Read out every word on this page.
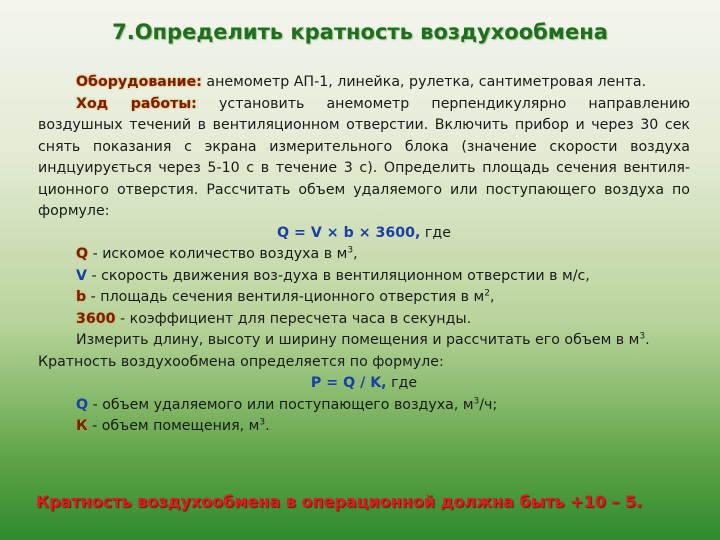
7.Определить кратность воздухообмена

Оборудование: анемометр АП-1, линейка, рулетка, сантиметровая лента.

Ход работы: установить анемометр перпендикулярно направлению воздушных течений в вентиляционном отверстии. Включить прибор и через 30 сек снять показания с экрана измерительного блока (значение скорости воздуха индцуирується через 5-10 с в течение 3 с). Определить площадь сечения вентиля-ционного отверстия. Рассчитать объем удаляемого или поступающего воздуха по формуле:

Q = V × b × 3600, где

Q - искомое количество воздуха в $м^3$,

V - скорость движения воз-духа в вентиляционном отверстии в м/с,

b - площадь сечения вентиля-ционного отверстия в $м^2$,

3600 - коэффициент для пересчета часа в секунды.

Измерить длину, высоту и ширину помещения и рассчитать его объем в $м^3$.

Кратность воздухообмена определяется по формуле:

P = Q / K, где

Q - объем удаляемого или поступающего воздуха, $м^3/ч$;

К - объем помещения, $м^3$.

Кратность воздухообмена в операционной должна быть +10 – 5.
